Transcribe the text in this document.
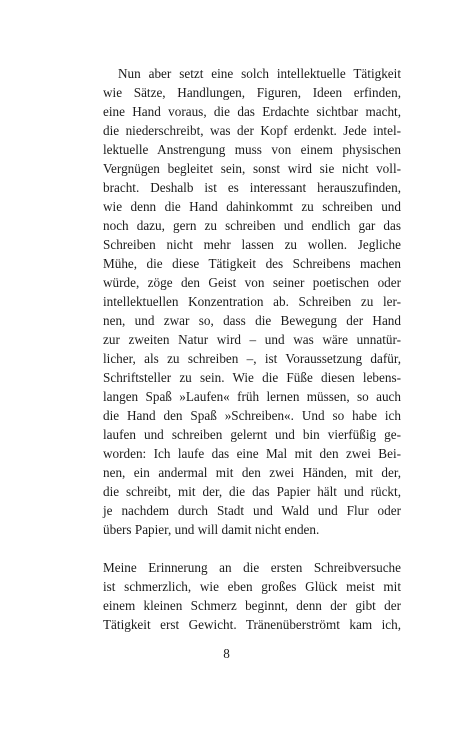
Nun aber setzt eine solch intellektuelle Tätigkeit
wie Sätze, Handlungen, Figuren, Ideen erfinden,
eine Hand voraus, die das Erdachte sichtbar macht,
die niederschreibt, was der Kopf erdenkt. Jede intel-
lektuelle Anstrengung muss von einem physischen
Vergnügen begleitet sein, sonst wird sie nicht voll-
bracht. Deshalb ist es interessant herauszufinden,
wie denn die Hand dahinkommt zu schreiben und
noch dazu, gern zu schreiben und endlich gar das
Schreiben nicht mehr lassen zu wollen. Jegliche
Mühe, die diese Tätigkeit des Schreibens machen
würde, zöge den Geist von seiner poetischen oder
intellektuellen Konzentration ab. Schreiben zu ler-
nen, und zwar so, dass die Bewegung der Hand
zur zweiten Natur wird – und was wäre unnatür-
licher, als zu schreiben –, ist Voraussetzung dafür,
Schriftsteller zu sein. Wie die Füße diesen lebens-
langen Spaß »Laufen« früh lernen müssen, so auch
die Hand den Spaß »Schreiben«. Und so habe ich
laufen und schreiben gelernt und bin vierfüßig ge-
worden: Ich laufe das eine Mal mit den zwei Bei-
nen, ein andermal mit den zwei Händen, mit der,
die schreibt, mit der, die das Papier hält und rückt,
je nachdem durch Stadt und Wald und Flur oder
übers Papier, und will damit nicht enden.
Meine Erinnerung an die ersten Schreibversuche
ist schmerzlich, wie eben großes Glück meist mit
einem kleinen Schmerz beginnt, denn der gibt der
Tätigkeit erst Gewicht. Tränenüberströmt kam ich,
8
